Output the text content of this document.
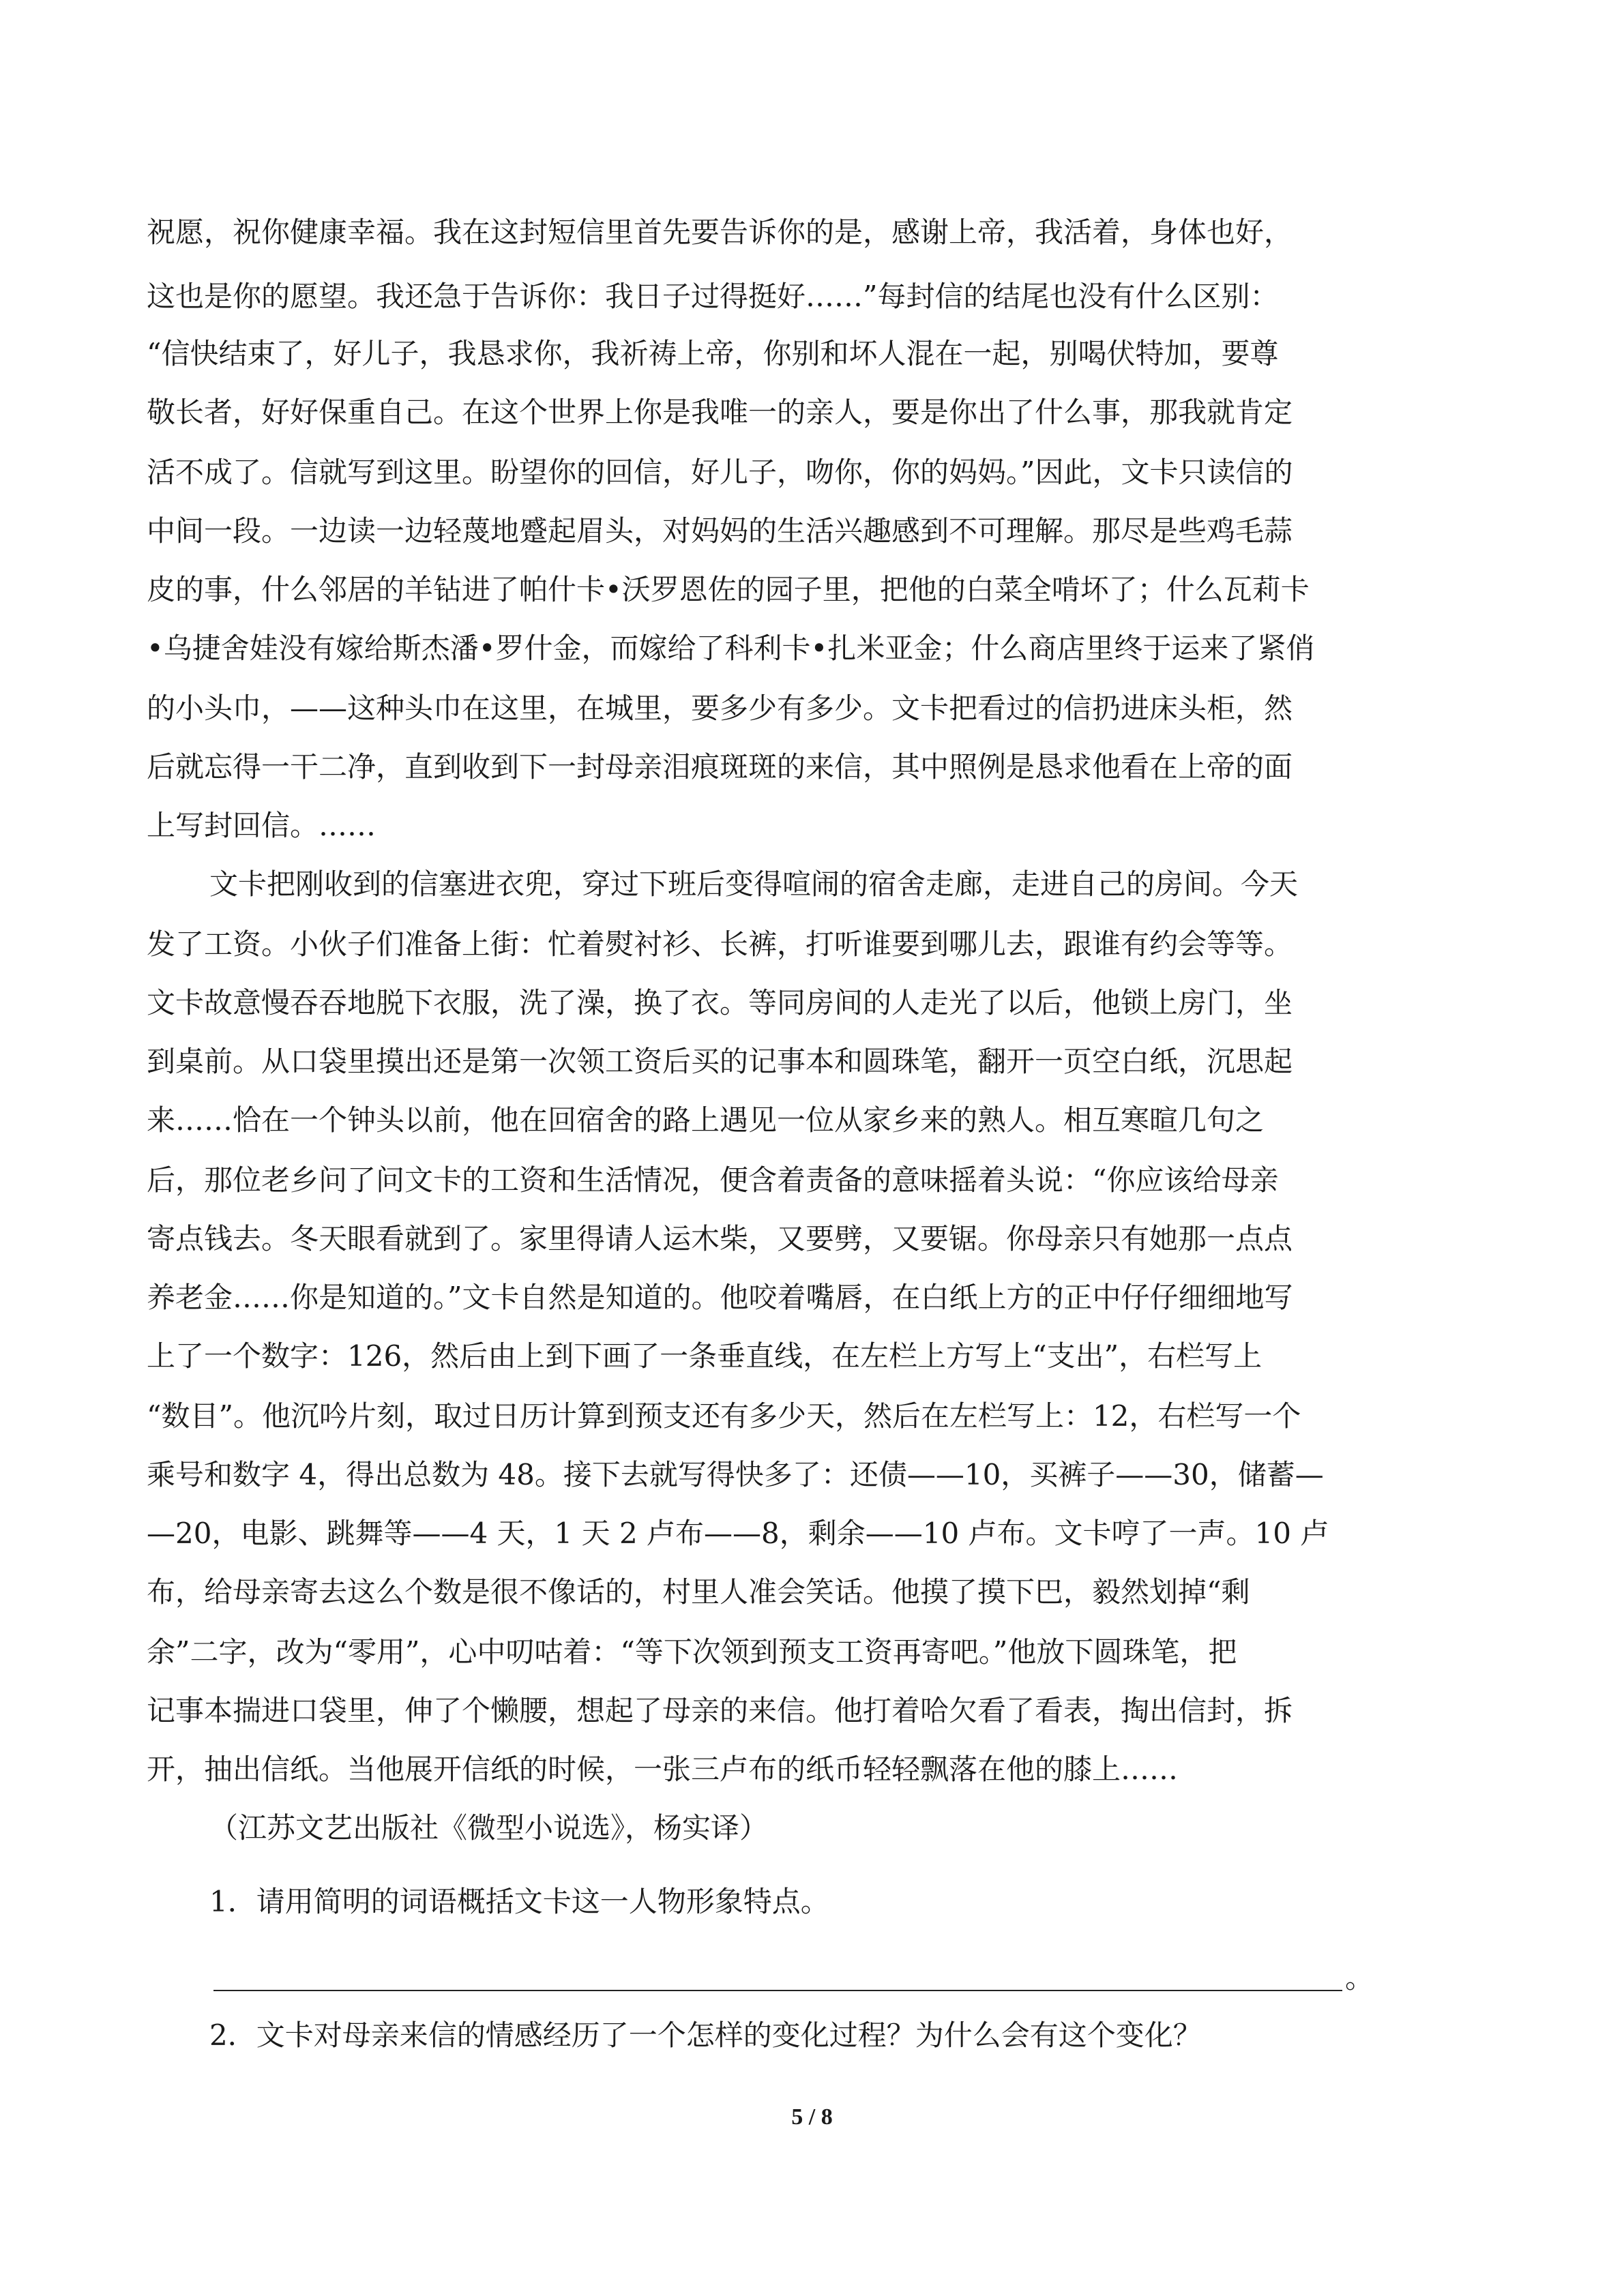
祝愿，祝你健康幸福。我在这封短信里首先要告诉你的是，感谢上帝，我活着，身体也好，
这也是你的愿望。我还急于告诉你：我日子过得挺好……”每封信的结尾也没有什么区别：
“信快结束了，好儿子，我恳求你，我祈祷上帝，你别和坏人混在一起，别喝伏特加，要尊
敬长者，好好保重自己。在这个世界上你是我唯一的亲人，要是你出了什么事，那我就肯定
活不成了。信就写到这里。盼望你的回信，好儿子，吻你，你的妈妈。”因此，文卡只读信的
中间一段。一边读一边轻蔑地蹙起眉头，对妈妈的生活兴趣感到不可理解。那尽是些鸡毛蒜
皮的事，什么邻居的羊钻进了帕什卡•沃罗恩佐的园子里，把他的白菜全啃坏了；什么瓦莉卡
•乌捷舍娃没有嫁给斯杰潘•罗什金，而嫁给了科利卡•扎米亚金；什么商店里终于运来了紧俏
的小头巾，——这种头巾在这里，在城里，要多少有多少。文卡把看过的信扔进床头柜，然
后就忘得一干二净，直到收到下一封母亲泪痕斑斑的来信，其中照例是恳求他看在上帝的面
上写封回信。……
文卡把刚收到的信塞进衣兜，穿过下班后变得喧闹的宿舍走廊，走进自己的房间。今天
发了工资。小伙子们准备上街：忙着熨衬衫、长裤，打听谁要到哪儿去，跟谁有约会等等。
文卡故意慢吞吞地脱下衣服，洗了澡，换了衣。等同房间的人走光了以后，他锁上房门，坐
到桌前。从口袋里摸出还是第一次领工资后买的记事本和圆珠笔，翻开一页空白纸，沉思起
来……恰在一个钟头以前，他在回宿舍的路上遇见一位从家乡来的熟人。相互寒暄几句之
后，那位老乡问了问文卡的工资和生活情况，便含着责备的意味摇着头说：“你应该给母亲
寄点钱去。冬天眼看就到了。家里得请人运木柴，又要劈，又要锯。你母亲只有她那一点点
养老金……你是知道的。”文卡自然是知道的。他咬着嘴唇，在白纸上方的正中仔仔细细地写
上了一个数字：126，然后由上到下画了一条垂直线，在左栏上方写上“支出”，右栏写上
“数目”。他沉吟片刻，取过日历计算到预支还有多少天，然后在左栏写上：12，右栏写一个
乘号和数字 4，得出总数为 48。接下去就写得快多了：还债——10，买裤子——30，储蓄—
—20，电影、跳舞等——4 天，1 天 2 卢布——8，剩余——10 卢布。文卡哼了一声。10 卢
布，给母亲寄去这么个数是很不像话的，村里人准会笑话。他摸了摸下巴，毅然划掉“剩
余”二字，改为“零用”，心中叨咕着：“等下次领到预支工资再寄吧。”他放下圆珠笔，把
记事本揣进口袋里，伸了个懒腰，想起了母亲的来信。他打着哈欠看了看表，掏出信封，拆
开，抽出信纸。当他展开信纸的时候，一张三卢布的纸币轻轻飘落在他的膝上……
（江苏文艺出版社《微型小说选》，杨实译）
1．请用简明的词语概括文卡这一人物形象特点。
。
2．文卡对母亲来信的情感经历了一个怎样的变化过程？为什么会有这个变化？
5 / 8
